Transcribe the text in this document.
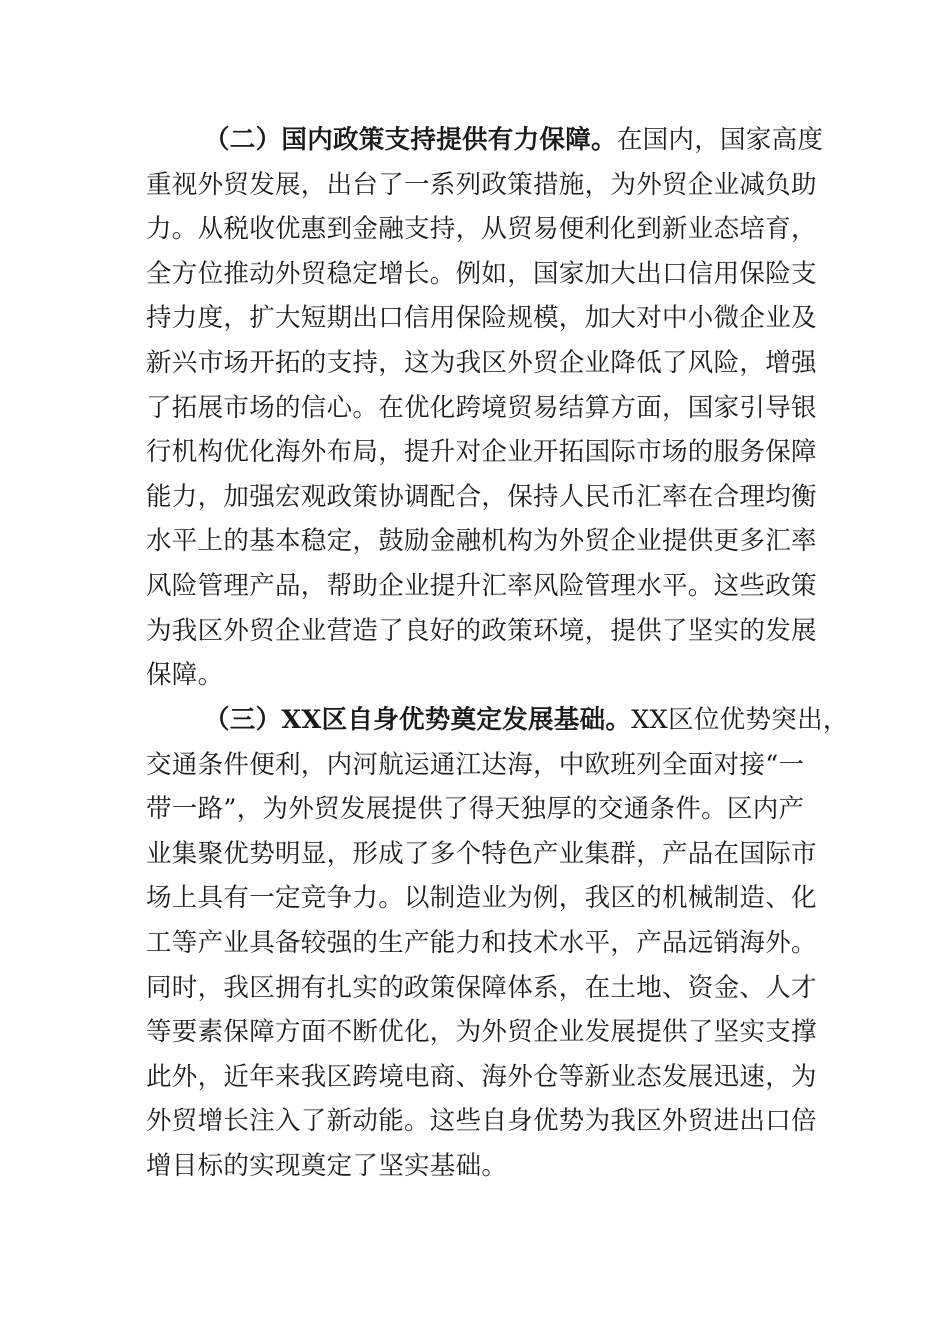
（二）国内政策支持提供有力保障。在国内，国家高度
重视外贸发展，出台了一系列政策措施，为外贸企业减负助
力。从税收优惠到金融支持，从贸易便利化到新业态培育，
全方位推动外贸稳定增长。例如，国家加大出口信用保险支
持力度，扩大短期出口信用保险规模，加大对中小微企业及
新兴市场开拓的支持，这为我区外贸企业降低了风险，增强
了拓展市场的信心。在优化跨境贸易结算方面，国家引导银
行机构优化海外布局，提升对企业开拓国际市场的服务保障
能力，加强宏观政策协调配合，保持人民币汇率在合理均衡
水平上的基本稳定，鼓励金融机构为外贸企业提供更多汇率
风险管理产品，帮助企业提升汇率风险管理水平。这些政策
为我区外贸企业营造了良好的政策环境，提供了坚实的发展
保障。
（三）XX区自身优势奠定发展基础。XX区位优势突出，
交通条件便利，内河航运通江达海，中欧班列全面对接“一
带一路”，为外贸发展提供了得天独厚的交通条件。区内产
业集聚优势明显，形成了多个特色产业集群，产品在国际市
场上具有一定竞争力。以制造业为例，我区的机械制造、化
工等产业具备较强的生产能力和技术水平，产品远销海外。
同时，我区拥有扎实的政策保障体系，在土地、资金、人才
等要素保障方面不断优化，为外贸企业发展提供了坚实支撑
此外，近年来我区跨境电商、海外仓等新业态发展迅速，为
外贸增长注入了新动能。这些自身优势为我区外贸进出口倍
增目标的实现奠定了坚实基础。
